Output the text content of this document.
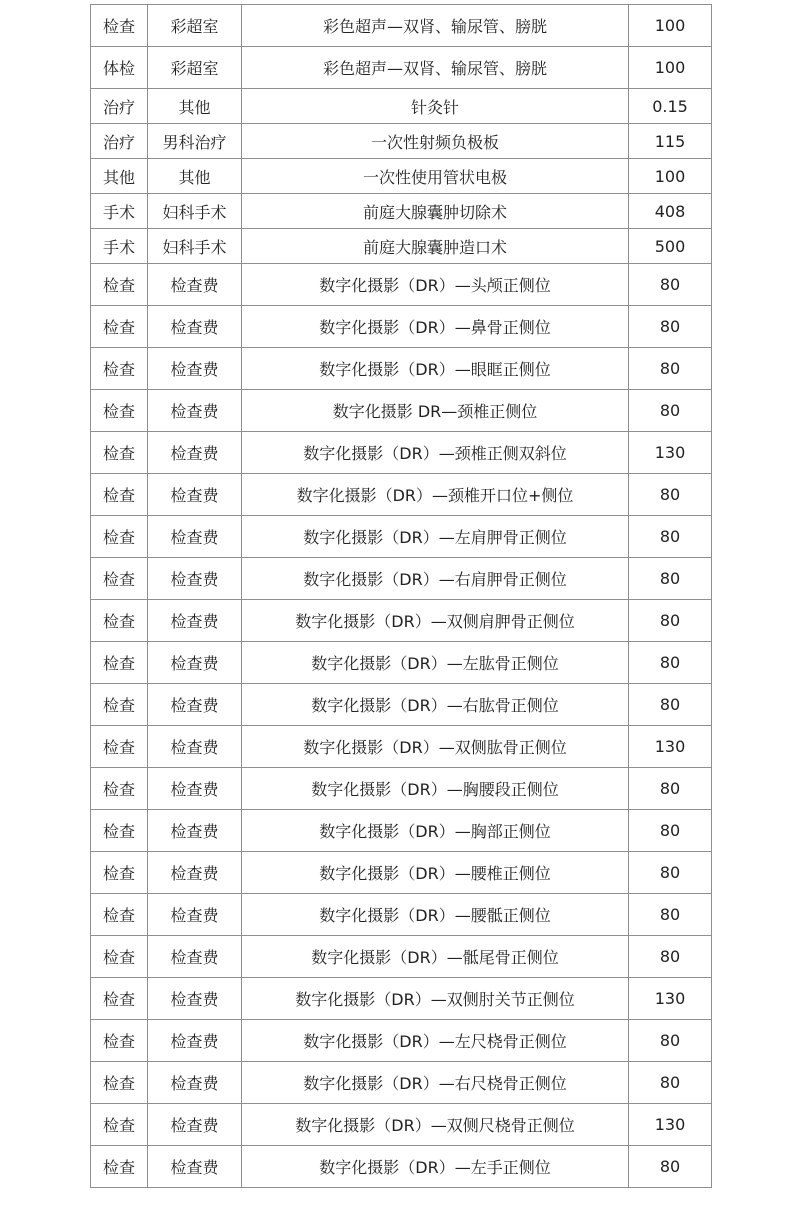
检查	彩超室	彩色超声—双肾、输尿管、膀胱	100
体检	彩超室	彩色超声—双肾、输尿管、膀胱	100
治疗	其他	针灸针	0.15
治疗	男科治疗	一次性射频负极板	115
其他	其他	一次性使用管状电极	100
手术	妇科手术	前庭大腺囊肿切除术	408
手术	妇科手术	前庭大腺囊肿造口术	500
检查	检查费	数字化摄影（DR）—头颅正侧位	80
检查	检查费	数字化摄影（DR）—鼻骨正侧位	80
检查	检查费	数字化摄影（DR）—眼眶正侧位	80
检查	检查费	数字化摄影 DR—颈椎正侧位	80
检查	检查费	数字化摄影（DR）—颈椎正侧双斜位	130
检查	检查费	数字化摄影（DR）—颈椎开口位+侧位	80
检查	检查费	数字化摄影（DR）—左肩胛骨正侧位	80
检查	检查费	数字化摄影（DR）—右肩胛骨正侧位	80
检查	检查费	数字化摄影（DR）—双侧肩胛骨正侧位	80
检查	检查费	数字化摄影（DR）—左肱骨正侧位	80
检查	检查费	数字化摄影（DR）—右肱骨正侧位	80
检查	检查费	数字化摄影（DR）—双侧肱骨正侧位	130
检查	检查费	数字化摄影（DR）—胸腰段正侧位	80
检查	检查费	数字化摄影（DR）—胸部正侧位	80
检查	检查费	数字化摄影（DR）—腰椎正侧位	80
检查	检查费	数字化摄影（DR）—腰骶正侧位	80
检查	检查费	数字化摄影（DR）—骶尾骨正侧位	80
检查	检查费	数字化摄影（DR）—双侧肘关节正侧位	130
检查	检查费	数字化摄影（DR）—左尺桡骨正侧位	80
检查	检查费	数字化摄影（DR）—右尺桡骨正侧位	80
检查	检查费	数字化摄影（DR）—双侧尺桡骨正侧位	130
检查	检查费	数字化摄影（DR）—左手正侧位	80
